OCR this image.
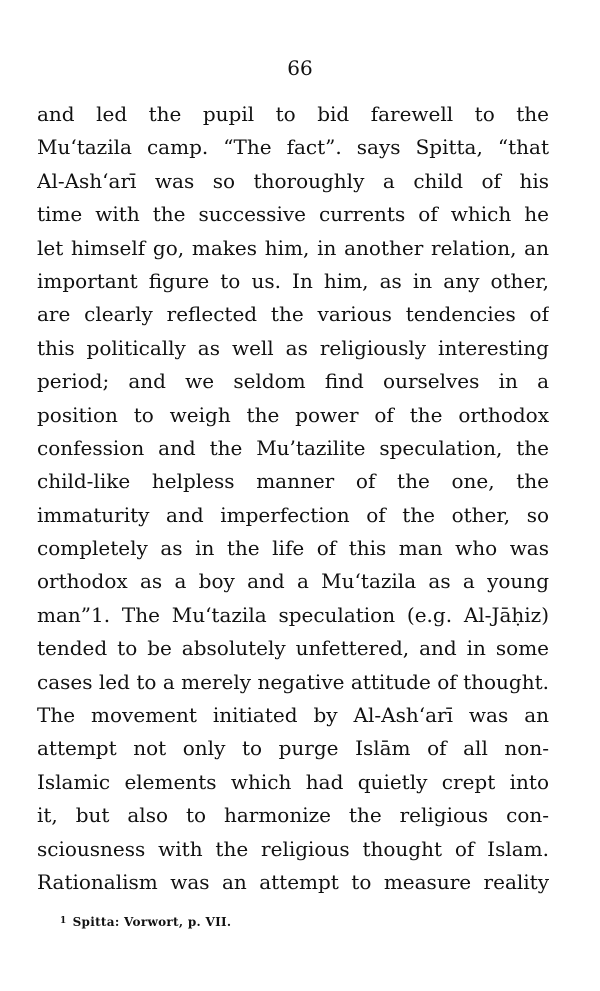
66
and led the pupil to bid farewell to the
Mu‘tazila camp. “The fact”. says Spitta, “that
Al-Ash‘arī was so thoroughly a child of his
time with the successive currents of which he
let himself go, makes him, in another relation, an
important figure to us. In him, as in any other,
are clearly reflected the various tendencies of
this politically as well as religiously interesting
period; and we seldom find ourselves in a
position to weigh the power of the orthodox
confession and the Mu’tazilite speculation, the
child-like helpless manner of the one, the
immaturity and imperfection of the other, so
completely as in the life of this man who was
orthodox as a boy and a Mu‘tazila as a young
man”1. The Mu‘tazila speculation (e.g. Al-Jāḥiz)
tended to be absolutely unfettered, and in some
cases led to a merely negative attitude of thought.
The movement initiated by Al-Ash‘arī was an
attempt not only to purge Islām of all non-
Islamic elements which had quietly crept into
it, but also to harmonize the religious con-
sciousness with the religious thought of Islam.
Rationalism was an attempt to measure reality
$^1$ Spitta: Vorwort, p. VII.
